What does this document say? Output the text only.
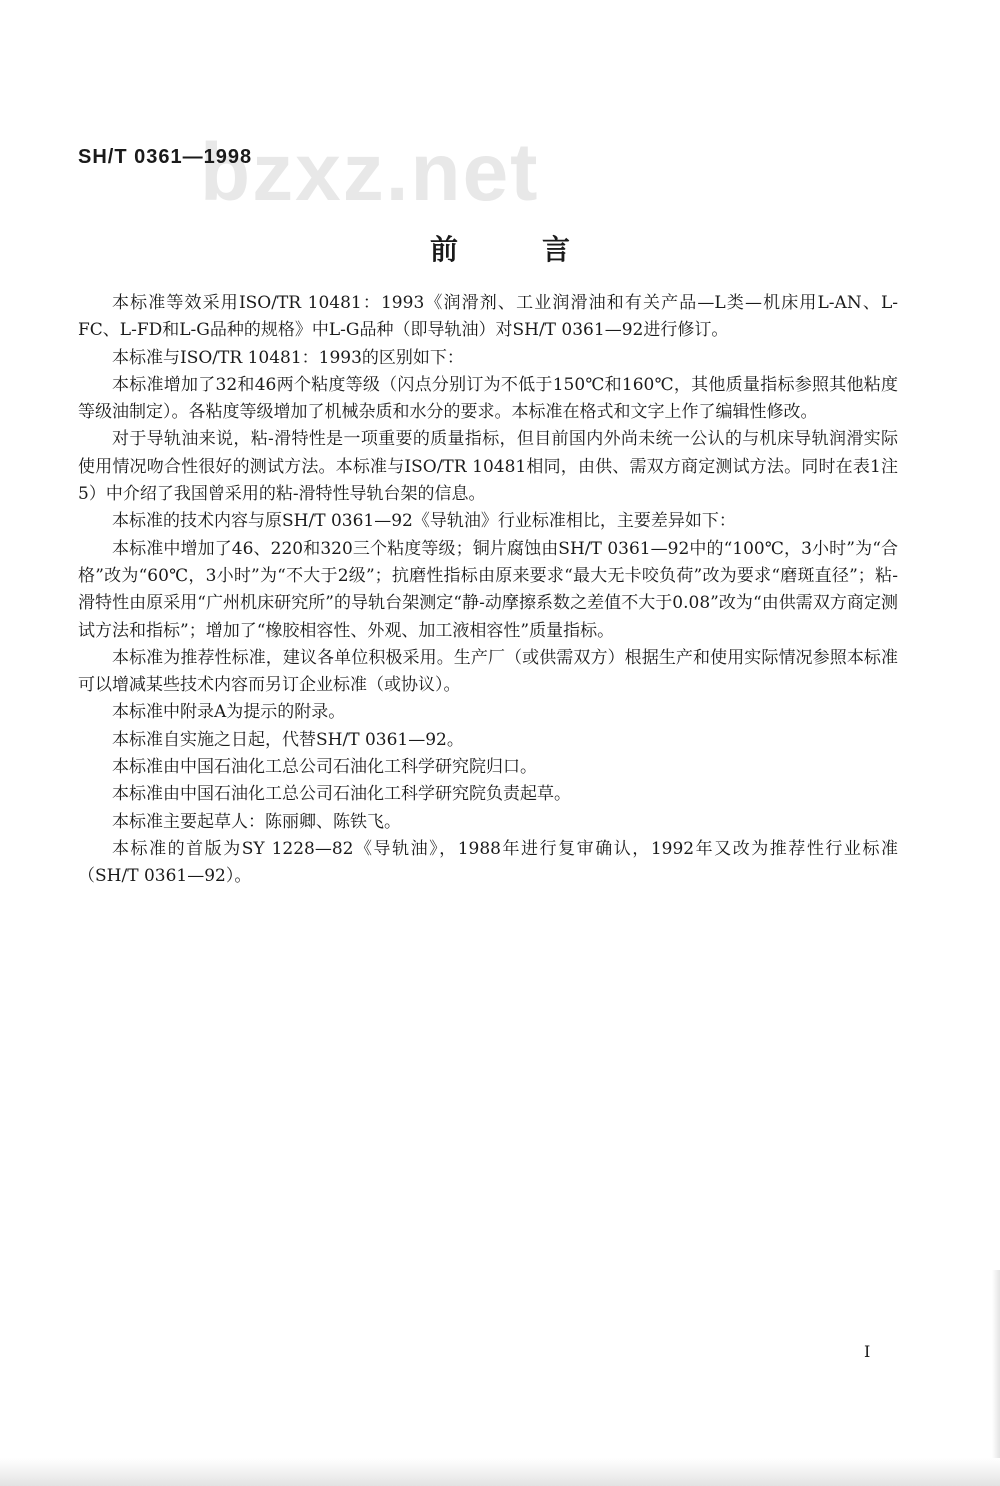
bzxz.net
SH/T 0361—1998
前言

本标准等效采用ISO/TR 10481：1993《润滑剂、工业润滑油和有关产品—L类—机床用L-AN、L-FC、L-FD和L-G品种的规格》中L-G品种（即导轨油）对SH/T 0361—92进行修订。

本标准与ISO/TR 10481：1993的区别如下：

本标准增加了32和46两个粘度等级（闪点分别订为不低于150℃和160℃，其他质量指标参照其他粘度等级油制定）。各粘度等级增加了机械杂质和水分的要求。本标准在格式和文字上作了编辑性修改。

对于导轨油来说，粘-滑特性是一项重要的质量指标，但目前国内外尚未统一公认的与机床导轨润滑实际使用情况吻合性很好的测试方法。本标准与ISO/TR 10481相同，由供、需双方商定测试方法。同时在表1注5）中介绍了我国曾采用的粘-滑特性导轨台架的信息。

本标准的技术内容与原SH/T 0361—92《导轨油》行业标准相比，主要差异如下：

本标准中增加了46、220和320三个粘度等级；铜片腐蚀由SH/T 0361—92中的“100℃，3小时”为“合格”改为“60℃，3小时”为“不大于2级”；抗磨性指标由原来要求“最大无卡咬负荷”改为要求“磨斑直径”；粘-滑特性由原采用“广州机床研究所”的导轨台架测定“静-动摩擦系数之差值不大于0.08”改为“由供需双方商定测试方法和指标”；增加了“橡胶相容性、外观、加工液相容性”质量指标。

本标准为推荐性标准，建议各单位积极采用。生产厂（或供需双方）根据生产和使用实际情况参照本标准可以增减某些技术内容而另订企业标准（或协议）。

本标准中附录A为提示的附录。

本标准自实施之日起，代替SH/T 0361—92。

本标准由中国石油化工总公司石油化工科学研究院归口。

本标准由中国石油化工总公司石油化工科学研究院负责起草。

本标准主要起草人：陈丽卿、陈铁飞。

本标准的首版为SY 1228—82《导轨油》，1988年进行复审确认，1992年又改为推荐性行业标准（SH/T 0361—92）。

I
